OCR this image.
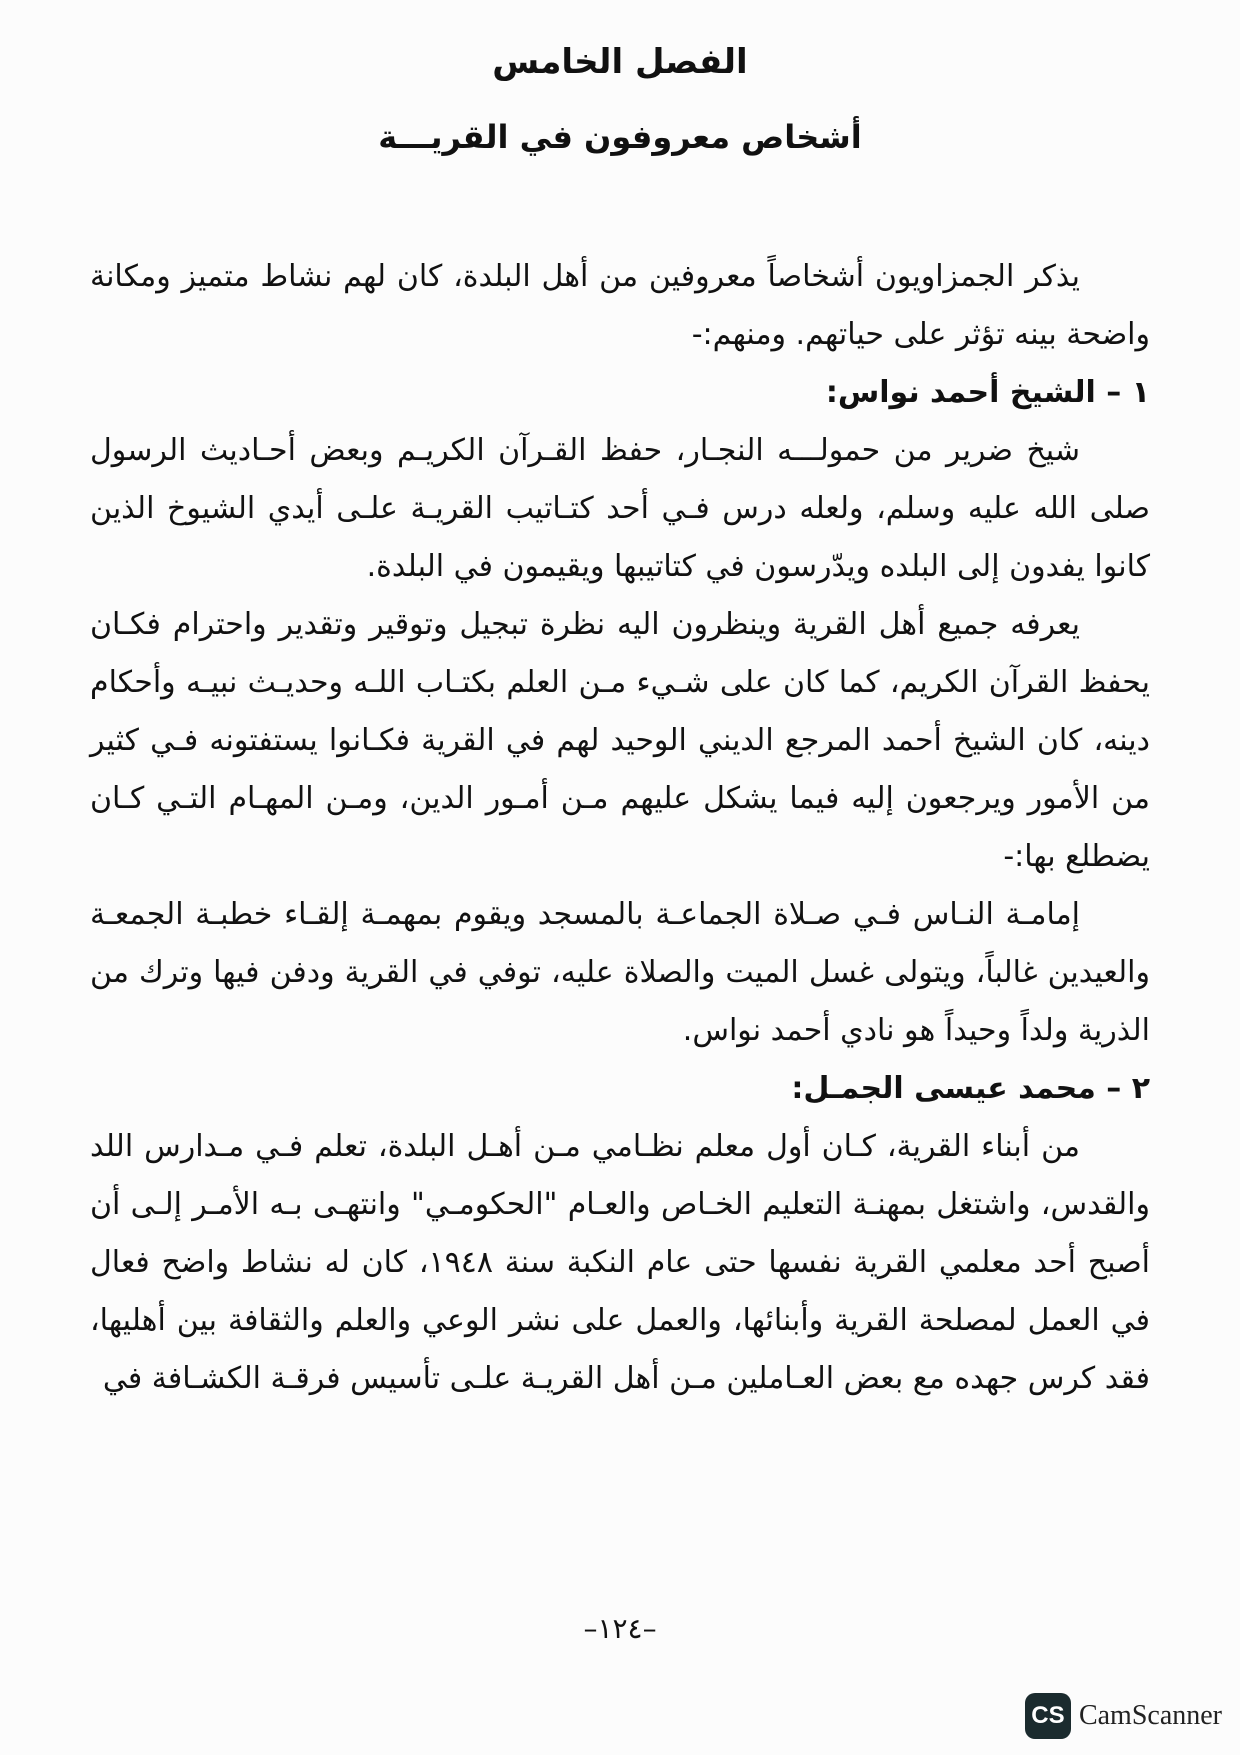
الفصل الخامس
أشخاص معروفون في القريـــة

يذكر الجمزاويون أشخاصاً معروفين من أهل البلدة، كان لهم نشاط متميز ومكانة واضحة بينه تؤثر على حياتهم. ومنهم:-

١ – الشيخ أحمد نواس:

شيخ ضرير من حمولـــه النجـار، حفظ القـرآن الكريـم وبعض أحـاديث الرسول صلى الله عليه وسلم، ولعله درس فـي أحد كتـاتيب القريـة علـى أيدي الشيوخ الذين كانوا يفدون إلى البلده ويدّرسون في كتاتيبها ويقيمون في البلدة.

يعرفه جميع أهل القرية وينظرون اليه نظرة تبجيل وتوقير وتقدير واحترام فكـان يحفظ القرآن الكريم، كما كان على شـيء مـن العلم بكتـاب اللـه وحديـث نبيـه وأحكام دينه، كان الشيخ أحمد المرجع الديني الوحيد لهم في القرية فكـانوا يستفتونه فـي كثير من الأمور ويرجعون إليه فيما يشكل عليهم مـن أمـور الدين، ومـن المهـام التـي كـان يضطلع بها:-

إمامـة النـاس فـي صـلاة الجماعـة بالمسجد ويقوم بمهمـة إلقـاء خطبـة الجمعـة والعيدين غالباً، ويتولى غسل الميت والصلاة عليه، توفي في القرية ودفن فيها وترك من الذرية ولداً وحيداً هو نادي أحمد نواس.

٢ – محمد عيسى الجمـل:

من أبناء القرية، كـان أول معلم نظـامي مـن أهـل البلدة، تعلم فـي مـدارس اللد والقدس، واشتغل بمهنـة التعليم الخـاص والعـام "الحكومـي" وانتهـى بـه الأمـر إلـى أن أصبح أحد معلمي القرية نفسها حتى عام النكبة سنة ١٩٤٨، كان له نشاط واضح فعال في العمل لمصلحة القرية وأبنائها، والعمل على نشر الوعي والعلم والثقافة بين أهليها، فقد كرس جهده مع بعض العـاملين مـن أهل القريـة علـى تأسيس فرقـة الكشـافة في

–١٢٤–
CS CamScanner
